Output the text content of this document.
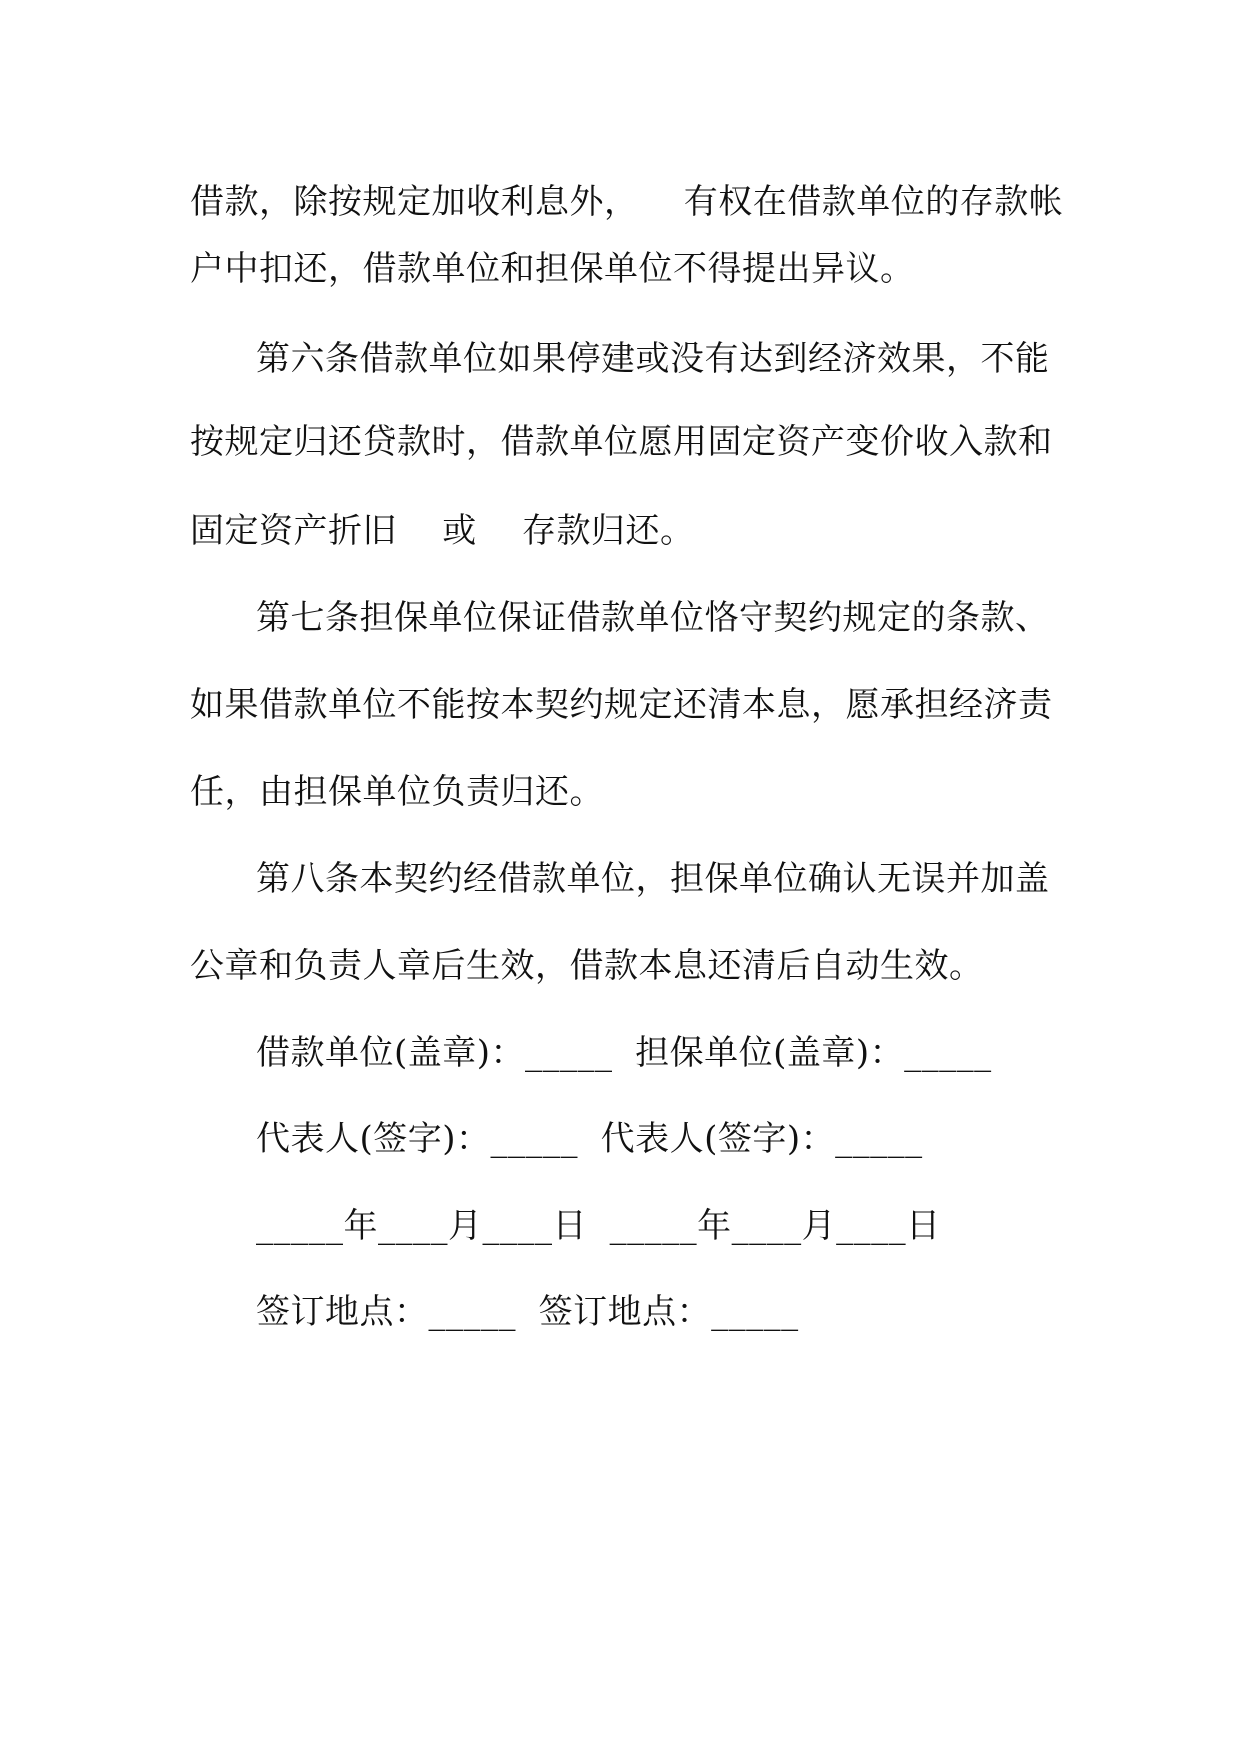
借款，除按规定加收利息外，    有权在借款单位的存款帐
户中扣还，借款单位和担保单位不得提出异议。
第六条借款单位如果停建或没有达到经济效果，不能
按规定归还贷款时，借款单位愿用固定资产变价收入款和
固定资产折旧    或    存款归还。
第七条担保单位保证借款单位恪守契约规定的条款、
如果借款单位不能按本契约规定还清本息，愿承担经济责
任，由担保单位负责归还。
第八条本契约经借款单位，担保单位确认无误并加盖
公章和负责人章后生效，借款本息还清后自动生效。
借款单位(盖章)：_____  担保单位(盖章)：_____
代表人(签字)：_____  代表人(签字)：_____
_____年____月____日  _____年____月____日
签订地点：_____  签订地点：_____
